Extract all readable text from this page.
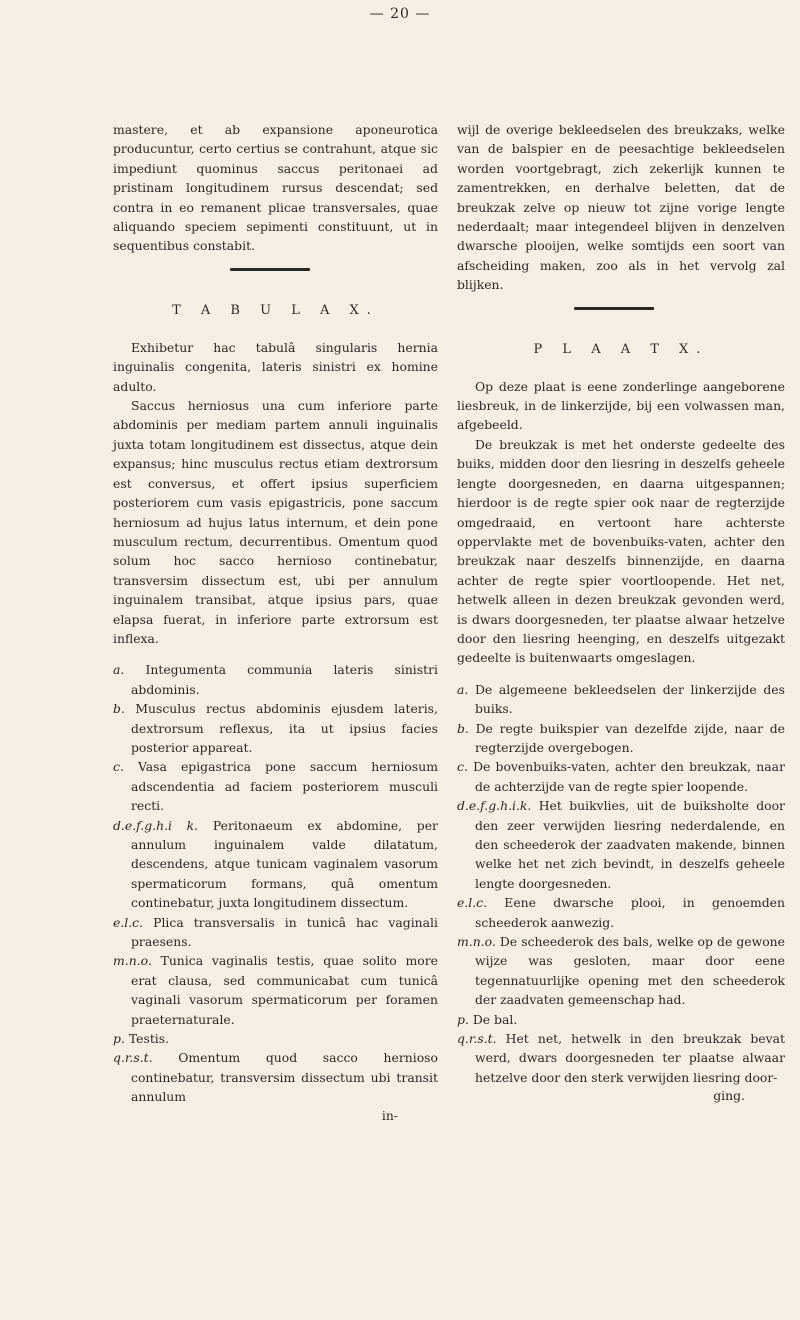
— 20 —

mastere, et ab expansione aponeurotica producuntur, certo certius se contrahunt, atque sic impediunt quominus saccus peritonaei ad pristinam longitudinem rursus descendat; sed contra in eo remanent plicae transversales, quae aliquando speciem sepimenti constituunt, ut in sequentibus constabit.

T A B U L A X.

Exhibetur hac tabulâ singularis hernia inguinalis congenita, lateris sinistri ex homine adulto.

Saccus herniosus una cum inferiore parte abdominis per mediam partem annuli inguinalis juxta totam longitudinem est dissectus, atque dein expansus; hinc musculus rectus etiam dextrorsum est conversus, et offert ipsius superficiem posteriorem cum vasis epigastricis, pone saccum herniosum ad hujus latus internum, et dein pone musculum rectum, decurrentibus. Omentum quod solum hoc sacco hernioso continebatur, transversim dissectum est, ubi per annulum inguinalem transibat, atque ipsius pars, quae elapsa fuerat, in inferiore parte extrorsum est inflexa.

a. Integumenta communia lateris sinistri abdominis.
b. Musculus rectus abdominis ejusdem lateris, dextrorsum reflexus, ita ut ipsius facies posterior appareat.
c. Vasa epigastrica pone saccum herniosum adscendentia ad faciem posteriorem musculi recti.
d.e.f.g.h.i k. Peritonaeum ex abdomine, per annulum inguinalem valde dilatatum, descendens, atque tunicam vaginalem vasorum spermaticorum formans, quâ omentum continebatur, juxta longitudinem dissectum.
e.l.c. Plica transversalis in tunicâ hac vaginali praesens.
m.n.o. Tunica vaginalis testis, quae solito more erat clausa, sed communicabat cum tunicâ vaginali vasorum spermaticorum per foramen praeternaturale.
p. Testis.
q.r.s.t. Omentum quod sacco hernioso continebatur, transversim dissectum ubi transit annulum
in-

wijl de overige bekleedselen des breukzaks, welke van de balspier en de peesachtige bekleedselen worden voortgebragt, zich zekerlijk kunnen te zamentrekken, en derhalve beletten, dat de breukzak zelve op nieuw tot zijne vorige lengte nederdaalt; maar integendeel blijven in denzelven dwarsche plooijen, welke somtijds een soort van afscheiding maken, zoo als in het vervolg zal blijken.

P L A A T X.

Op deze plaat is eene zonderlinge aangeborene liesbreuk, in de linkerzijde, bij een volwassen man, afgebeeld.

De breukzak is met het onderste gedeelte des buiks, midden door den liesring in deszelfs geheele lengte doorgesneden, en daarna uitgespannen; hierdoor is de regte spier ook naar de regterzijde omgedraaid, en vertoont hare achterste oppervlakte met de bovenbuiks-vaten, achter den breukzak naar deszelfs binnenzijde, en daarna achter de regte spier voortloopende. Het net, hetwelk alleen in dezen breukzak gevonden werd, is dwars doorgesneden, ter plaatse alwaar hetzelve door den liesring heenging, en deszelfs uitgezakt gedeelte is buitenwaarts omgeslagen.

a. De algemeene bekleedselen der linkerzijde des buiks.
b. De regte buikspier van dezelfde zijde, naar de regterzijde overgebogen.
c. De bovenbuiks-vaten, achter den breukzak, naar de achterzijde van de regte spier loopende.
d.e.f.g.h.i.k. Het buikvlies, uit de buiksholte door den zeer verwijden liesring nederdalende, en den scheederok der zaadvaten makende, binnen welke het net zich bevindt, in deszelfs geheele lengte doorgesneden.
e.l.c. Eene dwarsche plooi, in genoemden scheederok aanwezig.
m.n.o. De scheederok des bals, welke op de gewone wijze was gesloten, maar door eene tegennatuurlijke opening met den scheederok der zaadvaten gemeenschap had.
p. De bal.
q.r.s.t. Het net, hetwelk in den breukzak bevat werd, dwars doorgesneden ter plaatse alwaar hetzelve door den sterk verwijden liesring door-
ging.
